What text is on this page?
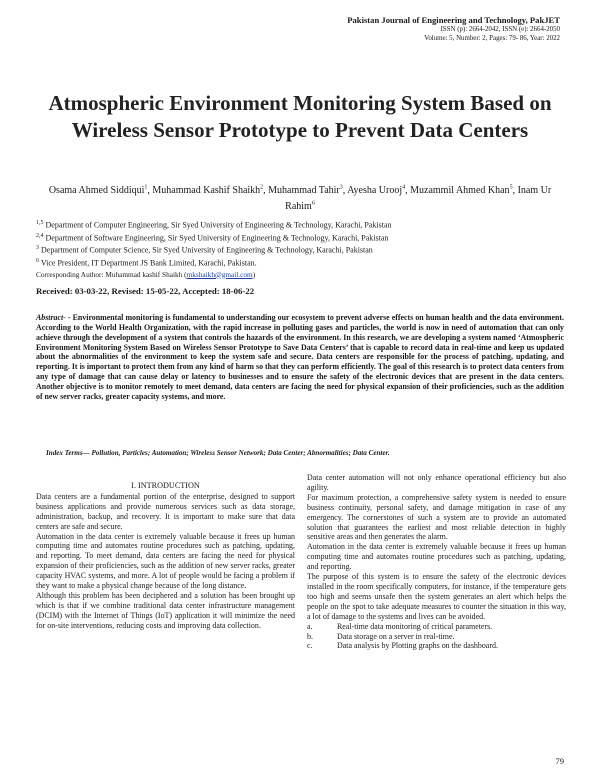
Pakistan Journal of Engineering and Technology, PakJET
ISSN (p): 2664-2042, ISSN (e): 2664-2050
Volume: 5, Number: 2, Pages: 79- 86, Year: 2022
Atmospheric Environment Monitoring System Based on Wireless Sensor Prototype to Prevent Data Centers
Osama Ahmed Siddiqui$^1$, Muhammad Kashif Shaikh$^2$, Muhammad Tahir$^3$, Ayesha Urooj$^4$, Muzammil Ahmed Khan$^5$, Inam Ur Rahim$^6$
$^{1,5}$ Department of Computer Engineering, Sir Syed University of Engineering & Technology, Karachi, Pakistan
$^{2,4}$ Department of Software Engineering, Sir Syed University of Engineering & Technology, Karachi, Pakistan
$^3$ Department of Computer Science, Sir Syed University of Engineering & Technology, Karachi, Pakistan
$^6$ Vice President, IT Department JS Bank Limited, Karachi, Pakistan.
Corresponding Author: Muhammad kashif Shaikh (mkshaikh@gmail.com)
Received: 03-03-22, Revised: 15-05-22, Accepted: 18-06-22
Abstract- - Environmental monitoring is fundamental to understanding our ecosystem to prevent adverse effects on human health and the data environment. According to the World Health Organization, with the rapid increase in polluting gases and particles, the world is now in need of automation that can only achieve through the development of a system that controls the hazards of the environment. In this research, we are developing a system named ‘Atmospheric Environment Monitoring System Based on Wireless Sensor Prototype to Save Data Centers’ that is capable to record data in real-time and keep us updated about the abnormalities of the environment to keep the system safe and secure. Data centers are responsible for the process of patching, updating, and reporting. It is important to protect them from any kind of harm so that they can perform efficiently. The goal of this research is to protect data centers from any type of damage that can cause delay or latency to businesses and to ensure the safety of the electronic devices that are present in the data centers. Another objective is to monitor remotely to meet demand, data centers are facing the need for physical expansion of their proficiencies, such as the addition of new server racks, greater capacity systems, and more.
Index Terms— Pollution, Particles; Automation; Wireless Sensor Network; Data Center; Abnormalities; Data Center.
I. INTRODUCTION

Data centers are a fundamental portion of the enterprise, designed to support business applications and provide numerous services such as data storage, administration, backup, and recovery. It is important to make sure that data centers are safe and secure.

Automation in the data center is extremely valuable because it frees up human computing time and automates routine procedures such as patching, updating, and reporting. To meet demand, data centers are facing the need for physical expansion of their proficiencies, such as the addition of new server racks, greater capacity HVAC systems, and more. A lot of people would be facing a problem if they want to make a physical change because of the long distance.

Although this problem has been deciphered and a solution has been brought up which is that if we combine traditional data center infrastructure management (DCIM) with the Internet of Things (IoT) application it will minimize the need for on-site interventions, reducing costs and improving data collection.

Data center automation will not only enhance operational efficiency but also agility.

For maximum protection, a comprehensive safety system is needed to ensure business continuity, personal safety, and damage mitigation in case of any emergency. The cornerstones of such a system are to provide an automated solution that guarantees the earliest and most reliable detection in highly sensitive areas and then generates the alarm.

Automation in the data center is extremely valuable because it frees up human computing time and automates routine procedures such as patching, updating, and reporting.

The purpose of this system is to ensure the safety of the electronic devices installed in the room specifically computers, for instance, if the temperature gets too high and seems unsafe then the system generates an alert which helps the people on the spot to take adequate measures to counter the situation in this way, a lot of damage to the systems and lives can be avoided.

a.	Real-time data monitoring of critical parameters.
b.	Data storage on a server in real-time.
c.	Data analysis by Plotting graphs on the dashboard.
79
